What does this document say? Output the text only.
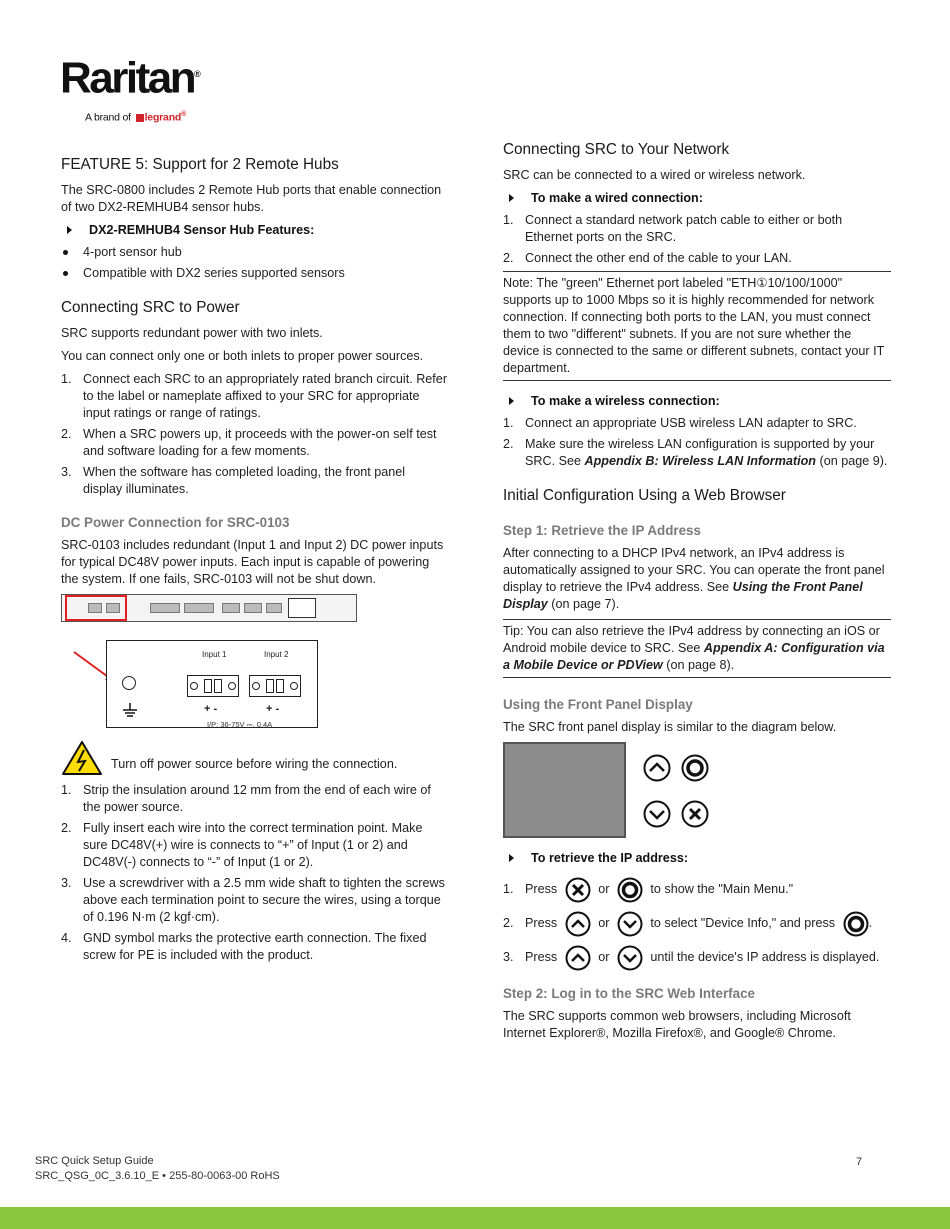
Raritan®
A brand of legrand®
FEATURE 5: Support for 2 Remote Hubs

The SRC-0800 includes 2 Remote Hub ports that enable connection of two DX2-REMHUB4 sensor hubs.

DX2-REMHUB4 Sensor Hub Features:
4-port sensor hub
Compatible with DX2 series supported sensors
Connecting SRC to Power

SRC supports redundant power with two inlets.

You can connect only one or both inlets to proper power sources.

1. Connect each SRC to an appropriately rated branch circuit. Refer to the label or nameplate affixed to your SRC for appropriate input ratings or range of ratings.
2. When a SRC powers up, it proceeds with the power-on self test and software loading for a few moments.
3. When the software has completed loading, the front panel display illuminates.
DC Power Connection for SRC-0103

SRC-0103 includes redundant (Input 1 and Input 2) DC power inputs for typical DC48V power inputs. Each input is capable of powering the system. If one fails, SRC-0103 will not be shut down.

Input 1	Input 2
+ -	+ -
I/P: 36-75V ⎓, 0.4A
Turn off power source before wiring the connection.
1. Strip the insulation around 12 mm from the end of each wire of the power source.
2. Fully insert each wire into the correct termination point. Make sure DC48V(+) wire is connects to “+” of Input (1 or 2) and DC48V(-) connects to “-” of Input (1 or 2).
3. Use a screwdriver with a 2.5 mm wide shaft to tighten the screws above each termination point to secure the wires, using a torque of 0.196 N·m (2 kgf·cm).
4. GND symbol marks the protective earth connection. The fixed screw for PE is included with the product.
Connecting SRC to Your Network

SRC can be connected to a wired or wireless network.

To make a wired connection:
1. Connect a standard network patch cable to either or both Ethernet ports on the SRC.
2. Connect the other end of the cable to your LAN.
Note: The "green" Ethernet port labeled "ETH①10/100/1000" supports up to 1000 Mbps so it is highly recommended for network connection. If connecting both ports to the LAN, you must connect them to two "different" subnets. If you are not sure whether the device is connected to the same or different subnets, contact your IT department.
To make a wireless connection:
1. Connect an appropriate USB wireless LAN adapter to SRC.
2. Make sure the wireless LAN configuration is supported by your SRC. See Appendix B: Wireless LAN Information (on page 9).
Initial Configuration Using a Web Browser
Step 1: Retrieve the IP Address

After connecting to a DHCP IPv4 network, an IPv4 address is automatically assigned to your SRC. You can operate the front panel display to retrieve the IPv4 address. See Using the Front Panel Display (on page 7).

Tip: You can also retrieve the IPv4 address by connecting an iOS or Android mobile device to SRC. See Appendix A: Configuration via a Mobile Device or PDView (on page 8).
Using the Front Panel Display

The SRC front panel display is similar to the diagram below.

To retrieve the IP address:
1. Press	or	to show the "Main Menu."
2. Press	or	to select "Device Info," and press	.
3. Press	or	until the device's IP address is displayed.
Step 2: Log in to the SRC Web Interface

The SRC supports common web browsers, including Microsoft Internet Explorer®, Mozilla Firefox®, and Google® Chrome.

SRC Quick Setup Guide
SRC_QSG_0C_3.6.10_E • 255-80-0063-00 RoHS
7
